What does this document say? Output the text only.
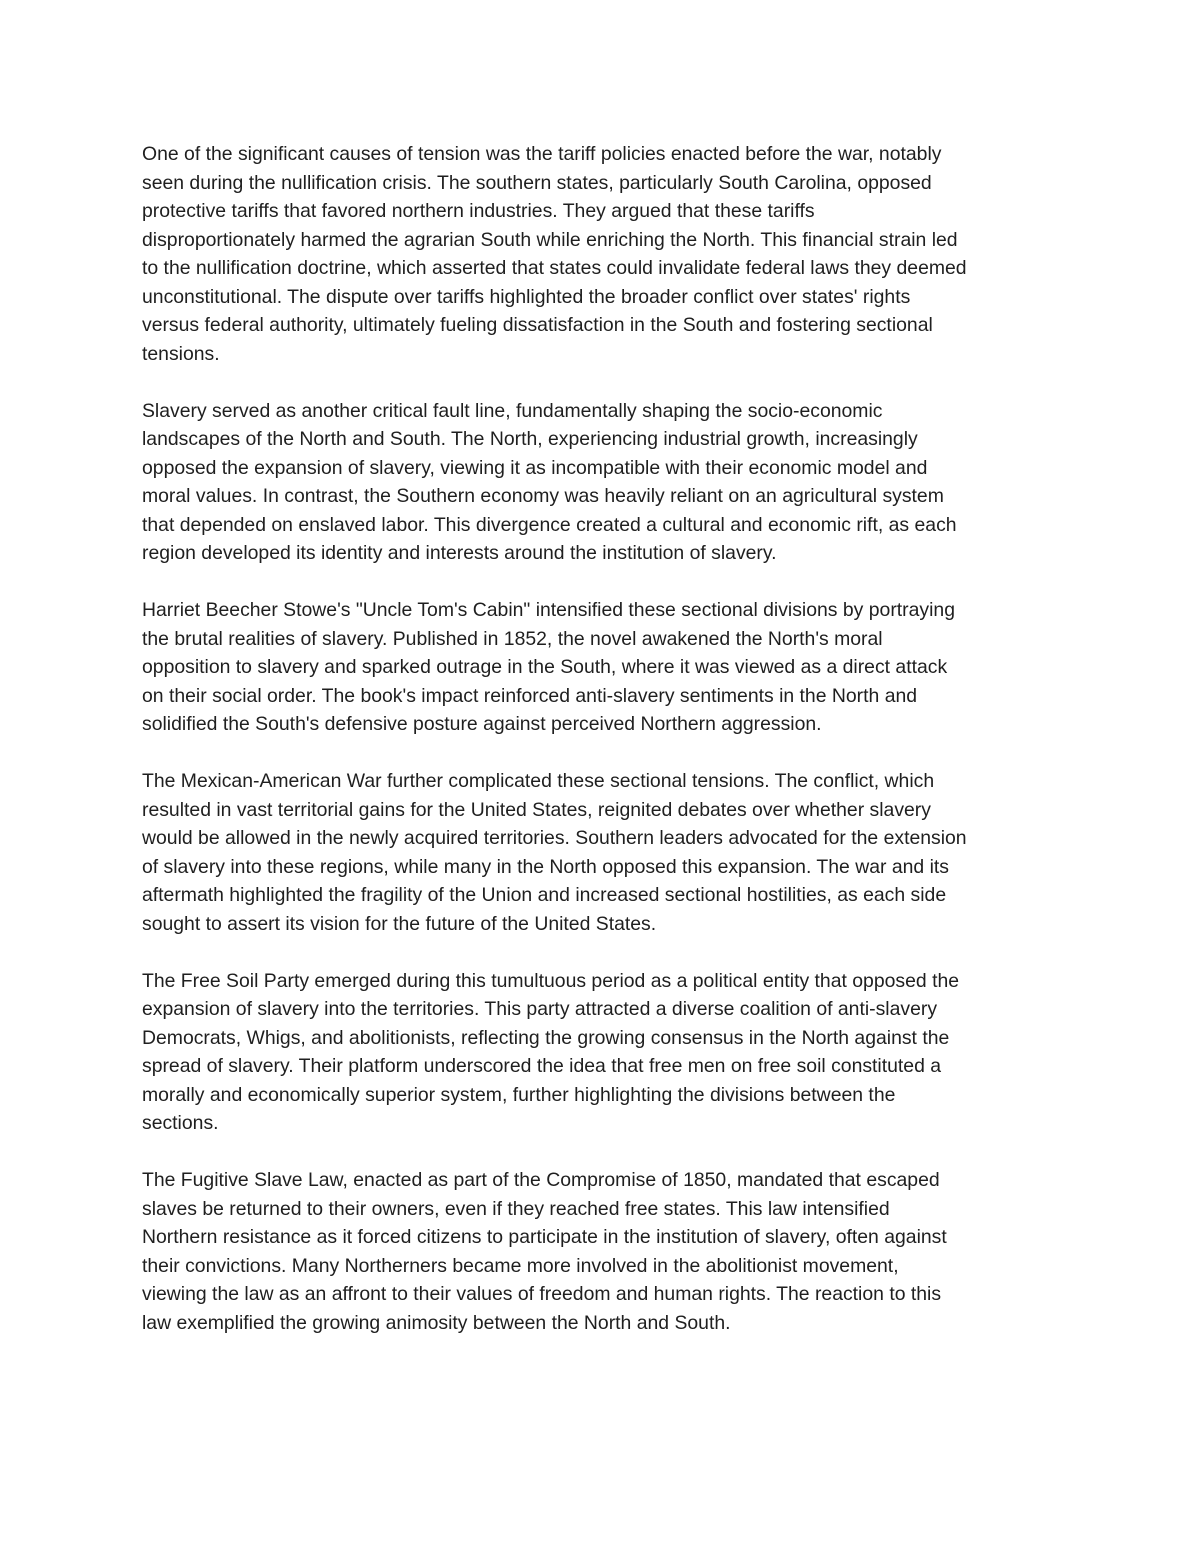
One of the significant causes of tension was the tariff policies enacted before the war, notably
seen during the nullification crisis. The southern states, particularly South Carolina, opposed
protective tariffs that favored northern industries. They argued that these tariffs
disproportionately harmed the agrarian South while enriching the North. This financial strain led
to the nullification doctrine, which asserted that states could invalidate federal laws they deemed
unconstitutional. The dispute over tariffs highlighted the broader conflict over states' rights
versus federal authority, ultimately fueling dissatisfaction in the South and fostering sectional
tensions.

Slavery served as another critical fault line, fundamentally shaping the socio-economic
landscapes of the North and South. The North, experiencing industrial growth, increasingly
opposed the expansion of slavery, viewing it as incompatible with their economic model and
moral values. In contrast, the Southern economy was heavily reliant on an agricultural system
that depended on enslaved labor. This divergence created a cultural and economic rift, as each
region developed its identity and interests around the institution of slavery.

Harriet Beecher Stowe's "Uncle Tom's Cabin" intensified these sectional divisions by portraying
the brutal realities of slavery. Published in 1852, the novel awakened the North's moral
opposition to slavery and sparked outrage in the South, where it was viewed as a direct attack
on their social order. The book's impact reinforced anti-slavery sentiments in the North and
solidified the South's defensive posture against perceived Northern aggression.

The Mexican-American War further complicated these sectional tensions. The conflict, which
resulted in vast territorial gains for the United States, reignited debates over whether slavery
would be allowed in the newly acquired territories. Southern leaders advocated for the extension
of slavery into these regions, while many in the North opposed this expansion. The war and its
aftermath highlighted the fragility of the Union and increased sectional hostilities, as each side
sought to assert its vision for the future of the United States.

The Free Soil Party emerged during this tumultuous period as a political entity that opposed the
expansion of slavery into the territories. This party attracted a diverse coalition of anti-slavery
Democrats, Whigs, and abolitionists, reflecting the growing consensus in the North against the
spread of slavery. Their platform underscored the idea that free men on free soil constituted a
morally and economically superior system, further highlighting the divisions between the
sections.

The Fugitive Slave Law, enacted as part of the Compromise of 1850, mandated that escaped
slaves be returned to their owners, even if they reached free states. This law intensified
Northern resistance as it forced citizens to participate in the institution of slavery, often against
their convictions. Many Northerners became more involved in the abolitionist movement,
viewing the law as an affront to their values of freedom and human rights. The reaction to this
law exemplified the growing animosity between the North and South.
